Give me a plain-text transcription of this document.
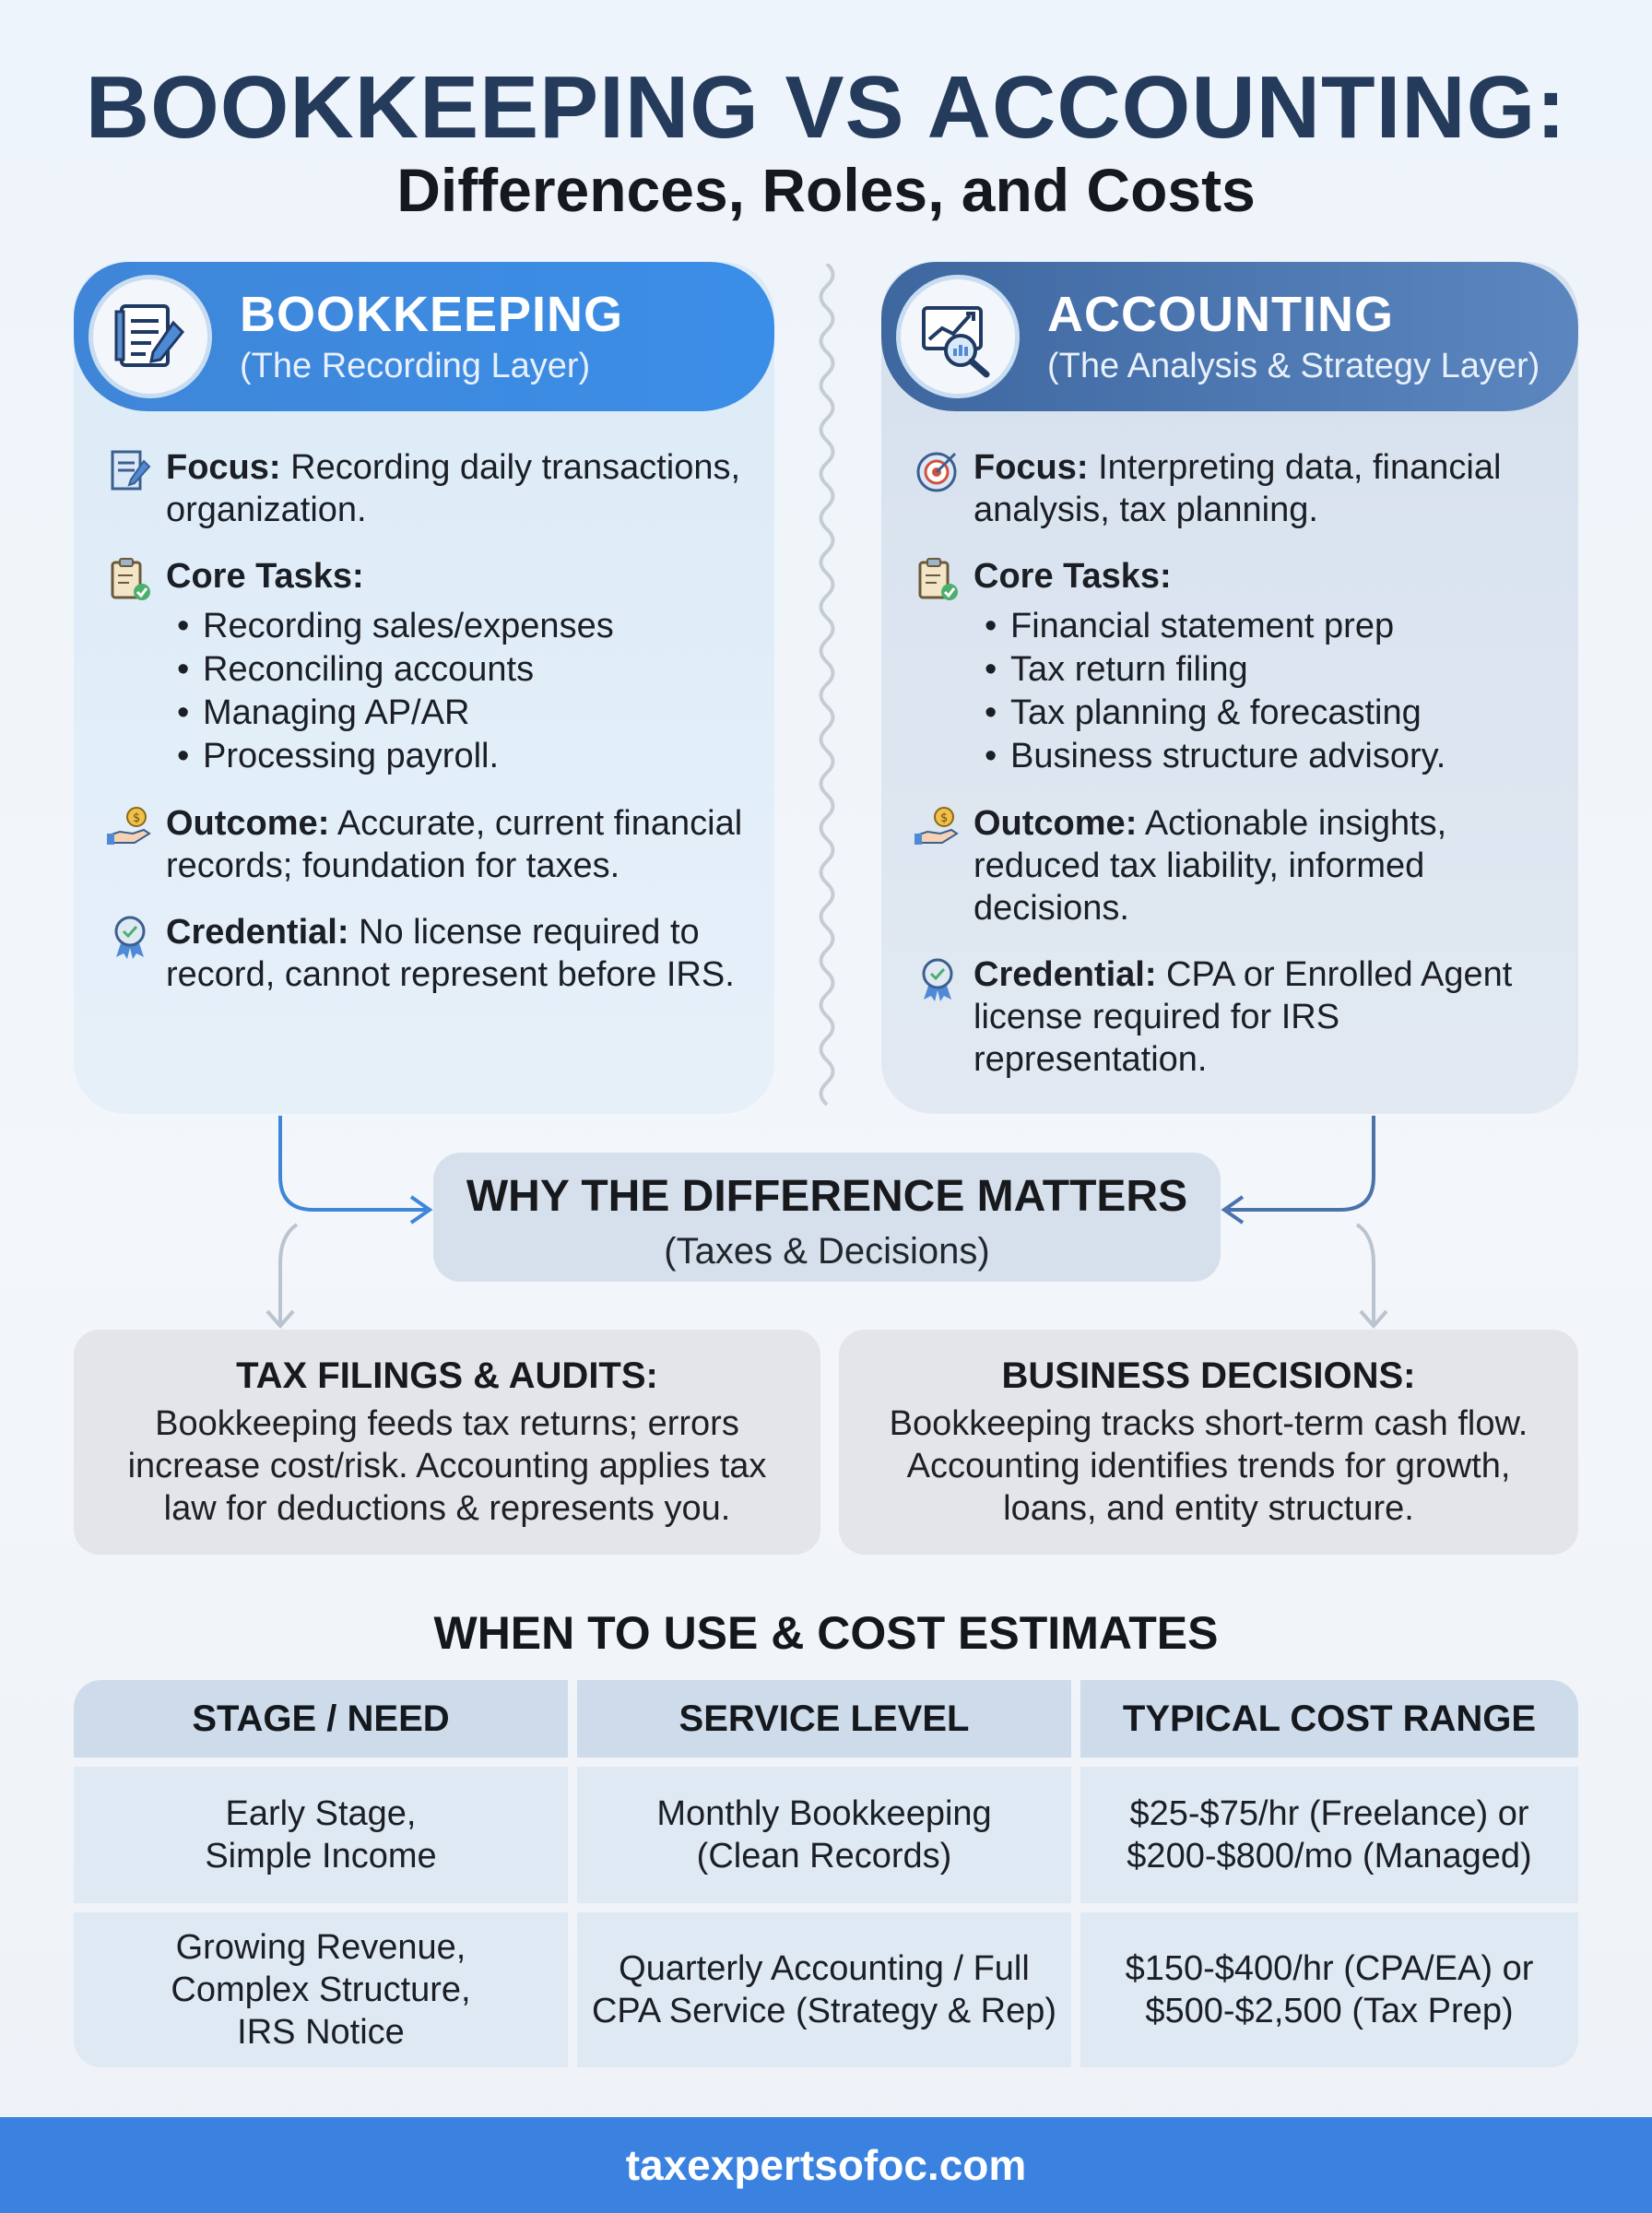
BOOKKEEPING VS ACCOUNTING:
Differences, Roles, and Costs
BOOKKEEPING
(The Recording Layer)
Focus: Recording daily transactions, organization.
Core Tasks:
• Recording sales/expenses
• Reconciling accounts
• Managing AP/AR
• Processing payroll.
$ Outcome: Accurate, current financial records; foundation for taxes.
Credential: No license required to record, cannot represent before IRS.
ACCOUNTING
(The Analysis & Strategy Layer)
Focus: Interpreting data, financial analysis, tax planning.
Core Tasks:
• Financial statement prep
• Tax return filing
• Tax planning & forecasting
• Business structure advisory.
$ Outcome: Actionable insights, reduced tax liability, informed decisions.
Credential: CPA or Enrolled Agent license required for IRS representation.
WHY THE DIFFERENCE MATTERS
(Taxes & Decisions)
TAX FILINGS & AUDITS:
Bookkeeping feeds tax returns; errors increase cost/risk. Accounting applies tax law for deductions & represents you.
BUSINESS DECISIONS:
Bookkeeping tracks short-term cash flow. Accounting identifies trends for growth, loans, and entity structure.
WHEN TO USE & COST ESTIMATES
STAGE / NEED	SERVICE LEVEL	TYPICAL COST RANGE
Early Stage,
Simple Income
Monthly Bookkeeping
(Clean Records)
$25-$75/hr (Freelance) or
$200-$800/mo (Managed)
Growing Revenue,
Complex Structure,
IRS Notice
Quarterly Accounting / Full
CPA Service (Strategy & Rep)
$150-$400/hr (CPA/EA) or
$500-$2,500 (Tax Prep)
taxexpertsofoc.com
